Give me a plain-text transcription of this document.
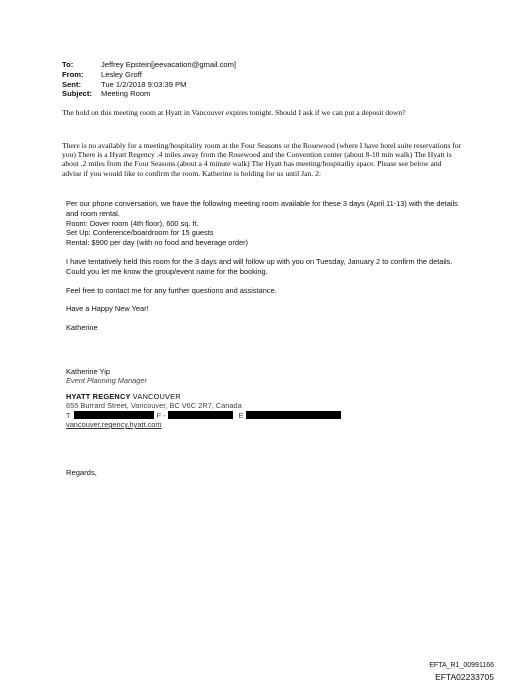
To:	Jeffrey Epstein[jeevacation@gmail.com]
From:	Lesley Groff
Sent:	Tue 1/2/2018 9:03:39 PM
Subject:	Meeting Room

The hold on this meeting room at Hyatt in Vancouver expires tonight. Should I ask if we can put a deposit down?

There is no availably for a meeting/hospitality room at the Four Seasons or the Rosewood (where I have hotel suite reservations for you) There is a Hyatt Regency .4 miles away from the Rosewood and the Convention center (about 8-10 min walk) The Hyatt is about .2 miles from the Four Seasons (about a 4 minute walk) The Hyatt has meeting/hospitatliy space. Please see below and advise if you would like to confirm the room. Katherine is holding for us until Jan. 2:

Per our phone conversation, we have the following meeting room available for these 3 days (April 11-13) with the details and room rental.

Room: Dover room (4th floor), 600 sq. ft.

Set Up: Conference/boardroom for 15 guests

Rental: $900 per day (with no food and beverage order)

I have tentatively held this room for the 3 days and will follow up with you on Tuesday, January 2 to confirm the details. Could you let me know the group/event name for the booking.

Feel free to contact me for any further questions and assistance.

Have a Happy New Year!

Katherine

Katherine Yip
Event Planning Manager
HYATT REGENCY VANCOUVER
655 Burrard Street, Vancouver, BC V6C 2R7, Canada
T	F -	E
vancouver.regency.hyatt.com
Regards,
EFTA_R1_00991166
EFTA02233705
